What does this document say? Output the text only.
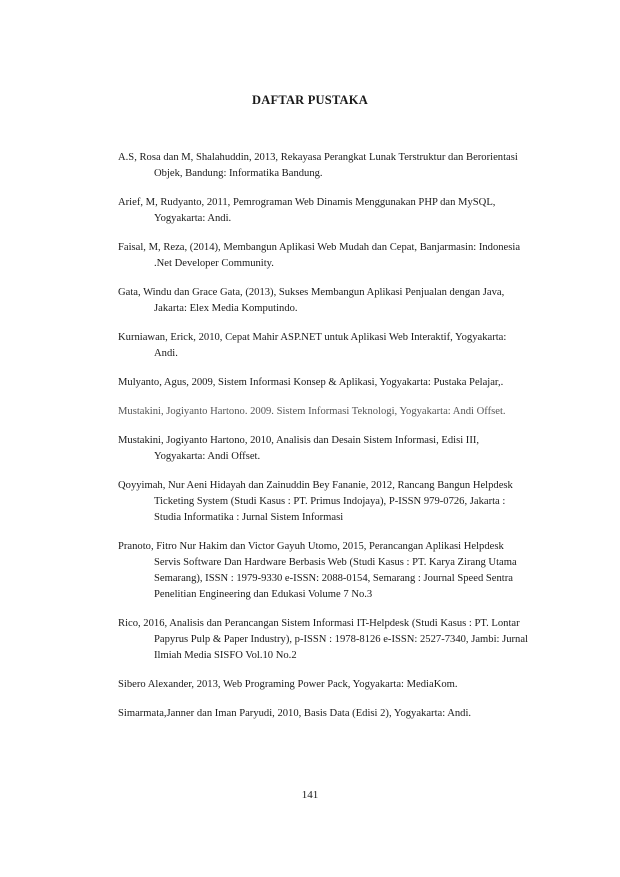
DAFTAR PUSTAKA

A.S, Rosa dan M, Shalahuddin, 2013, Rekayasa Perangkat Lunak Terstruktur dan Berorientasi Objek, Bandung: Informatika Bandung.

Arief, M, Rudyanto, 2011, Pemrograman Web Dinamis Menggunakan PHP dan MySQL, Yogyakarta: Andi.

Faisal, M, Reza, (2014), Membangun Aplikasi Web Mudah dan Cepat, Banjarmasin: Indonesia .Net Developer Community.

Gata, Windu dan Grace Gata, (2013), Sukses Membangun Aplikasi Penjualan dengan Java, Jakarta: Elex Media Komputindo.

Kurniawan, Erick, 2010, Cepat Mahir ASP.NET untuk Aplikasi Web Interaktif, Yogyakarta: Andi.

Mulyanto, Agus, 2009, Sistem Informasi Konsep & Aplikasi, Yogyakarta: Pustaka Pelajar,.

Mustakini, Jogiyanto Hartono. 2009. Sistem Informasi Teknologi, Yogyakarta: Andi Offset.

Mustakini, Jogiyanto Hartono, 2010, Analisis dan Desain Sistem Informasi, Edisi III, Yogyakarta: Andi Offset.

Qoyyimah, Nur Aeni Hidayah dan Zainuddin Bey Fananie, 2012, Rancang Bangun Helpdesk Ticketing System (Studi Kasus : PT. Primus Indojaya), P-ISSN 979-0726, Jakarta : Studia Informatika : Jurnal Sistem Informasi

Pranoto, Fitro Nur Hakim dan Victor Gayuh Utomo, 2015, Perancangan Aplikasi Helpdesk Servis Software Dan Hardware Berbasis Web (Studi Kasus : PT. Karya Zirang Utama Semarang), ISSN : 1979-9330 e-ISSN: 2088-0154, Semarang : Journal Speed Sentra Penelitian Engineering dan Edukasi Volume 7 No.3

Rico, 2016, Analisis dan Perancangan Sistem Informasi IT-Helpdesk (Studi Kasus : PT. Lontar Papyrus Pulp & Paper Industry), p-ISSN : 1978-8126 e-ISSN: 2527-7340, Jambi: Jurnal Ilmiah Media SISFO Vol.10 No.2

Sibero Alexander, 2013, Web Programing Power Pack, Yogyakarta: MediaKom.

Simarmata,Janner dan Iman Paryudi, 2010, Basis Data (Edisi 2), Yogyakarta: Andi.

141
